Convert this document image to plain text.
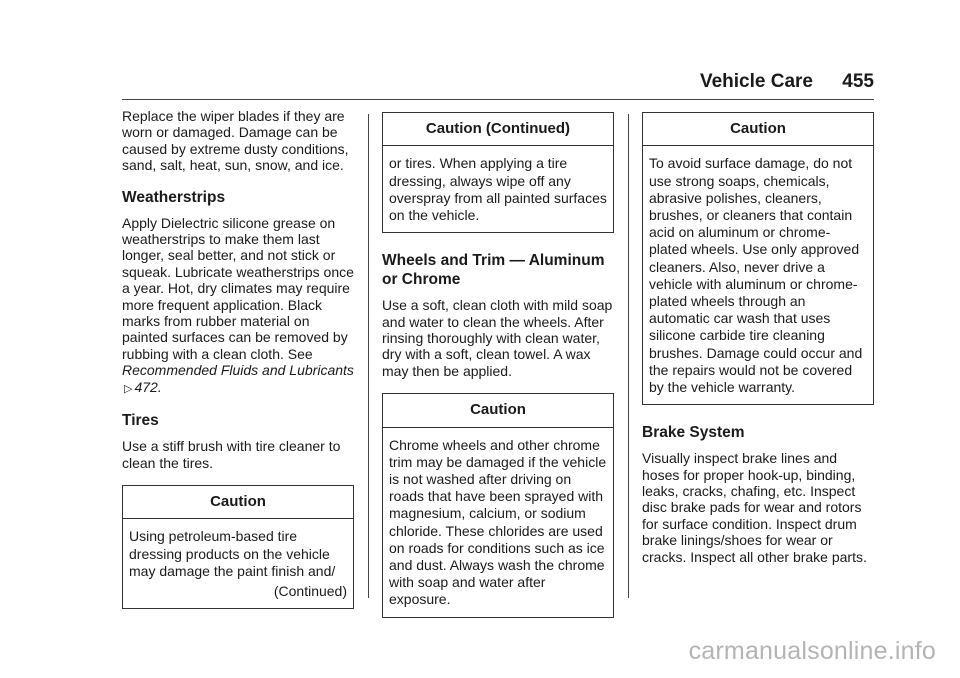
Vehicle Care 455

Replace the wiper blades if they are worn or damaged. Damage can be caused by extreme dusty conditions, sand, salt, heat, sun, snow, and ice.

Weatherstrips

Apply Dielectric silicone grease on weatherstrips to make them last longer, seal better, and not stick or squeak. Lubricate weatherstrips once a year. Hot, dry climates may require more frequent application. Black marks from rubber material on painted surfaces can be removed by rubbing with a clean cloth. See Recommended Fluids and Lubricants ▷ 472.

Tires

Use a stiff brush with tire cleaner to clean the tires.

Caution
Using petroleum-based tire dressing products on the vehicle may damage the paint finish and/
(Continued)
Caution (Continued)
or tires. When applying a tire dressing, always wipe off any overspray from all painted surfaces on the vehicle.
Wheels and Trim — Aluminum or Chrome

Use a soft, clean cloth with mild soap and water to clean the wheels. After rinsing thoroughly with clean water, dry with a soft, clean towel. A wax may then be applied.

Caution
Chrome wheels and other chrome trim may be damaged if the vehicle is not washed after driving on roads that have been sprayed with magnesium, calcium, or sodium chloride. These chlorides are used on roads for conditions such as ice and dust. Always wash the chrome with soap and water after exposure.
Caution
To avoid surface damage, do not use strong soaps, chemicals, abrasive polishes, cleaners, brushes, or cleaners that contain acid on aluminum or chrome-plated wheels. Use only approved cleaners. Also, never drive a vehicle with aluminum or chrome-plated wheels through an automatic car wash that uses silicone carbide tire cleaning brushes. Damage could occur and the repairs would not be covered by the vehicle warranty.
Brake System

Visually inspect brake lines and hoses for proper hook-up, binding, leaks, cracks, chafing, etc. Inspect disc brake pads for wear and rotors for surface condition. Inspect drum brake linings/shoes for wear or cracks. Inspect all other brake parts.

carmanualsonline.info
